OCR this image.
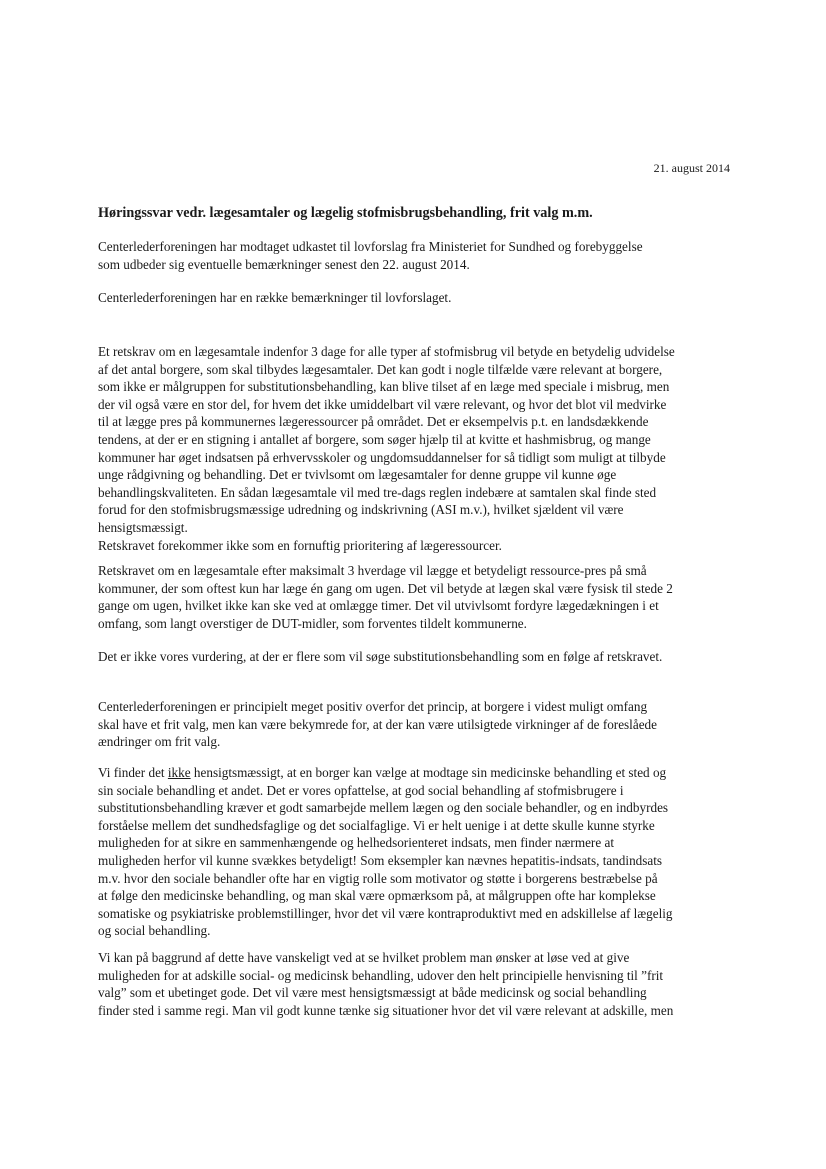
21. august 2014
Høringssvar vedr. lægesamtaler og lægelig stofmisbrugsbehandling, frit valg m.m.

Centerlederforeningen har modtaget udkastet til lovforslag fra Ministeriet for Sundhed og forebyggelse
som udbeder sig eventuelle bemærkninger senest den 22. august 2014.

Centerlederforeningen har en række bemærkninger til lovforslaget.

Et retskrav om en lægesamtale indenfor 3 dage for alle typer af stofmisbrug vil betyde en betydelig udvidelse
af det antal borgere, som skal tilbydes lægesamtaler. Det kan godt i nogle tilfælde være relevant at borgere,
som ikke er målgruppen for substitutionsbehandling, kan blive tilset af en læge med speciale i misbrug, men
der vil også være en stor del, for hvem det ikke umiddelbart vil være relevant, og hvor det blot vil medvirke
til at lægge pres på kommunernes lægeressourcer på området. Det er eksempelvis p.t. en landsdækkende
tendens, at der er en stigning i antallet af borgere, som søger hjælp til at kvitte et hashmisbrug, og mange
kommuner har øget indsatsen på erhvervsskoler og ungdomsuddannelser for så tidligt som muligt at tilbyde
unge rådgivning og behandling. Det er tvivlsomt om lægesamtaler for denne gruppe vil kunne øge
behandlingskvaliteten. En sådan lægesamtale vil med tre-dags reglen indebære at samtalen skal finde sted
forud for den stofmisbrugsmæssige udredning og indskrivning (ASI m.v.), hvilket sjældent vil være
hensigtsmæssigt.
Retskravet forekommer ikke som en fornuftig prioritering af lægeressourcer.

Retskravet om en lægesamtale efter maksimalt 3 hverdage vil lægge et betydeligt ressource-pres på små
kommuner, der som oftest kun har læge én gang om ugen. Det vil betyde at lægen skal være fysisk til stede 2
gange om ugen, hvilket ikke kan ske ved at omlægge timer. Det vil utvivlsomt fordyre lægedækningen i et
omfang, som langt overstiger de DUT-midler, som forventes tildelt kommunerne.

Det er ikke vores vurdering, at der er flere som vil søge substitutionsbehandling som en følge af retskravet.

Centerlederforeningen er principielt meget positiv overfor det princip, at borgere i videst muligt omfang
skal have et frit valg, men kan være bekymrede for, at der kan være utilsigtede virkninger af de foreslåede
ændringer om frit valg.

Vi finder det ikke hensigtsmæssigt, at en borger kan vælge at modtage sin medicinske behandling et sted og
sin sociale behandling et andet. Det er vores opfattelse, at god social behandling af stofmisbrugere i
substitutionsbehandling kræver et godt samarbejde mellem lægen og den sociale behandler, og en indbyrdes
forståelse mellem det sundhedsfaglige og det socialfaglige. Vi er helt uenige i at dette skulle kunne styrke
muligheden for at sikre en sammenhængende og helhedsorienteret indsats, men finder nærmere at
muligheden herfor vil kunne svækkes betydeligt! Som eksempler kan nævnes hepatitis-indsats, tandindsats
m.v. hvor den sociale behandler ofte har en vigtig rolle som motivator og støtte i borgerens bestræbelse på
at følge den medicinske behandling, og man skal være opmærksom på, at målgruppen ofte har komplekse
somatiske og psykiatriske problemstillinger, hvor det vil være kontraproduktivt med en adskillelse af lægelig
og social behandling.

Vi kan på baggrund af dette have vanskeligt ved at se hvilket problem man ønsker at løse ved at give
muligheden for at adskille social- og medicinsk behandling, udover den helt principielle henvisning til ”frit
valg” som et ubetinget gode. Det vil være mest hensigtsmæssigt at både medicinsk og social behandling
finder sted i samme regi. Man vil godt kunne tænke sig situationer hvor det vil være relevant at adskille, men
